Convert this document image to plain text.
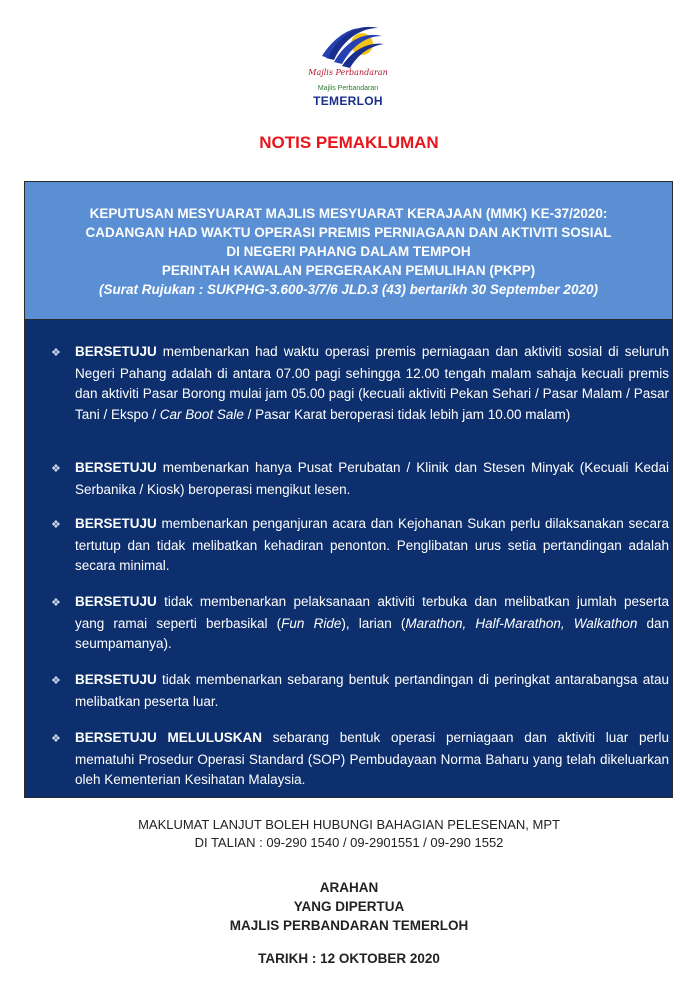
Majlis Perbandaran
Majlis Perbandaran
TEMERLOH
NOTIS PEMAKLUMAN
KEPUTUSAN MESYUARAT MAJLIS MESYUARAT KERAJAAN (MMK) KE-37/2020:
CADANGAN HAD WAKTU OPERASI PREMIS PERNIAGAAN DAN AKTIVITI SOSIAL
DI NEGERI PAHANG DALAM TEMPOH
PERINTAH KAWALAN PERGERAKAN PEMULIHAN (PKPP)
(Surat Rujukan : SUKPHG-3.600-3/7/6 JLD.3 (43) bertarikh 30 September 2020)
❖ BERSETUJU membenarkan had waktu operasi premis perniagaan dan aktiviti sosial di seluruh Negeri Pahang adalah di antara 07.00 pagi sehingga 12.00 tengah malam sahaja kecuali premis dan aktiviti Pasar Borong mulai jam 05.00 pagi (kecuali aktiviti Pekan Sehari / Pasar Malam / Pasar Tani / Ekspo / Car Boot Sale / Pasar Karat beroperasi tidak lebih jam 10.00 malam)
❖ BERSETUJU membenarkan hanya Pusat Perubatan / Klinik dan Stesen Minyak (Kecuali Kedai Serbanika / Kiosk) beroperasi mengikut lesen.
❖ BERSETUJU membenarkan penganjuran acara dan Kejohanan Sukan perlu dilaksanakan secara tertutup dan tidak melibatkan kehadiran penonton. Penglibatan urus setia pertandingan adalah secara minimal.
❖ BERSETUJU tidak membenarkan pelaksanaan aktiviti terbuka dan melibatkan jumlah peserta yang ramai seperti berbasikal (Fun Ride), larian (Marathon, Half-Marathon, Walkathon dan seumpamanya).
❖ BERSETUJU tidak membenarkan sebarang bentuk pertandingan di peringkat antarabangsa atau melibatkan peserta luar.
❖ BERSETUJU MELULUSKAN sebarang bentuk operasi perniagaan dan aktiviti luar perlu mematuhi Prosedur Operasi Standard (SOP) Pembudayaan Norma Baharu yang telah dikeluarkan oleh Kementerian Kesihatan Malaysia.
MAKLUMAT LANJUT BOLEH HUBUNGI BAHAGIAN PELESENAN, MPT
DI TALIAN : 09-290 1540 / 09-2901551 / 09-290 1552
ARAHAN
YANG DIPERTUA
MAJLIS PERBANDARAN TEMERLOH
TARIKH : 12 OKTOBER 2020
